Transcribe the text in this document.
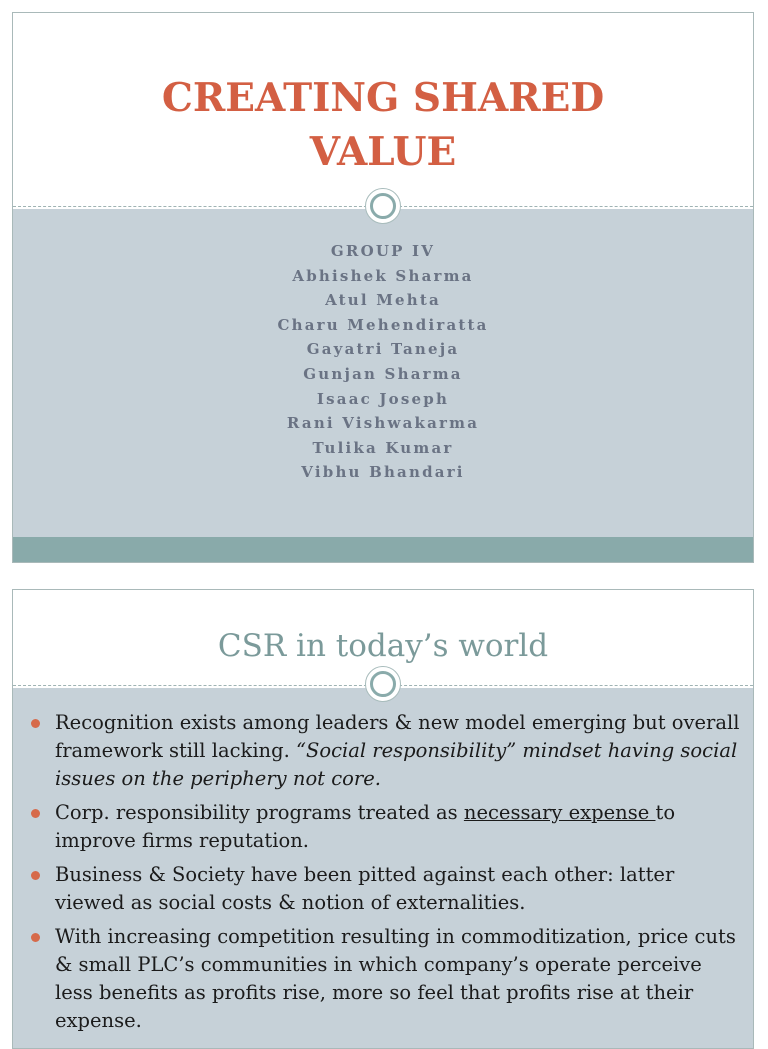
CREATING SHARED
VALUE
GROUP IV
Abhishek Sharma
Atul Mehta
Charu Mehendiratta
Gayatri Taneja
Gunjan Sharma
Isaac Joseph
Rani Vishwakarma
Tulika Kumar
Vibhu Bhandari
CSR in today’s world
Recognition exists among leaders & new model emerging but overall framework still lacking. “Social responsibility” mindset having social issues on the periphery not core.
Corp. responsibility programs treated as necessary expense to improve firms reputation.
Business & Society have been pitted against each other: latter viewed as social costs & notion of externalities.
With increasing competition resulting in commoditization, price cuts & small PLC’s communities in which company’s operate perceive less benefits as profits rise, more so feel that profits rise at their expense.
